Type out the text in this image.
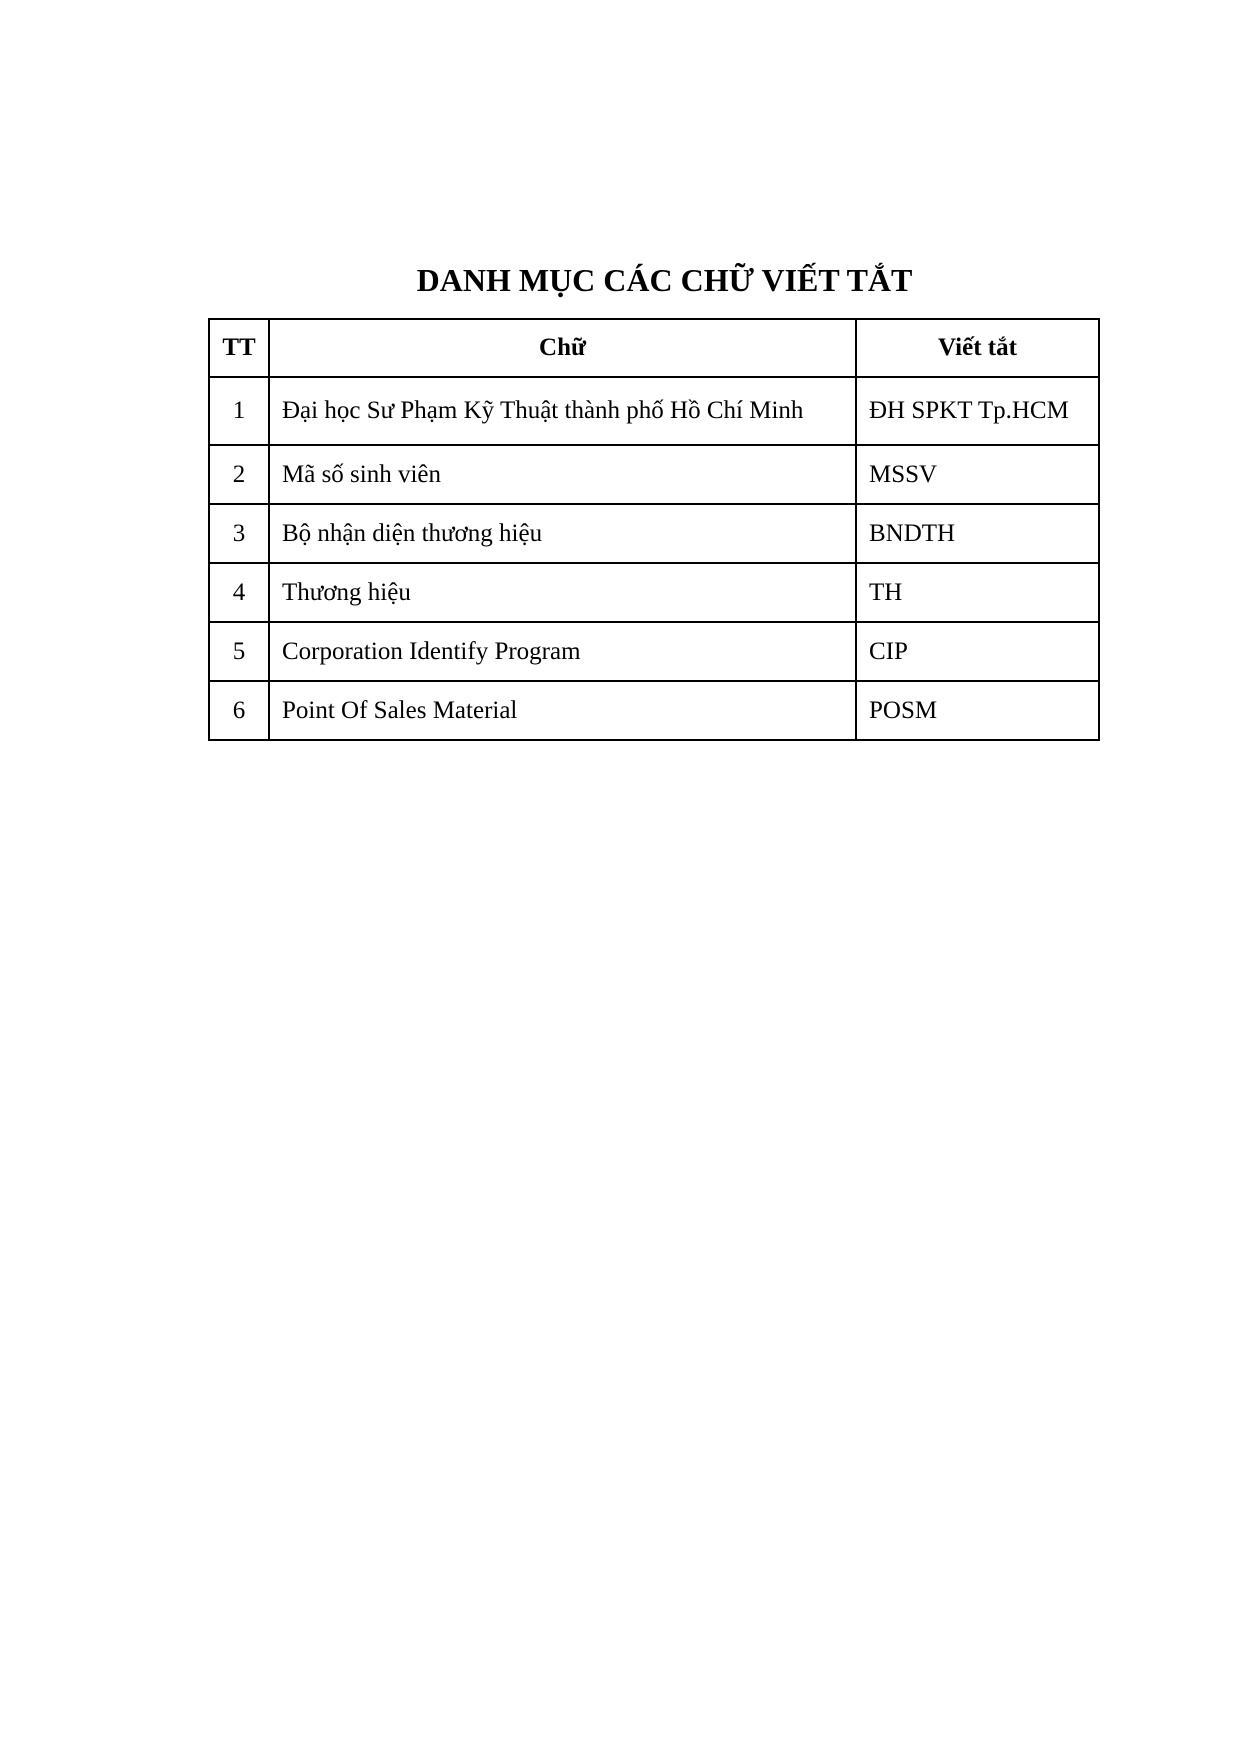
DANH MỤC CÁC CHỮ VIẾT TẮT
TT	Chữ	Viết tắt
1	Đại học Sư Phạm Kỹ Thuật thành phố Hồ Chí Minh	ĐH SPKT Tp.HCM
2	Mã số sinh viên	MSSV
3	Bộ nhận diện thương hiệu	BNDTH
4	Thương hiệu	TH
5	Corporation Identify Program	CIP
6	Point Of Sales Material	POSM
